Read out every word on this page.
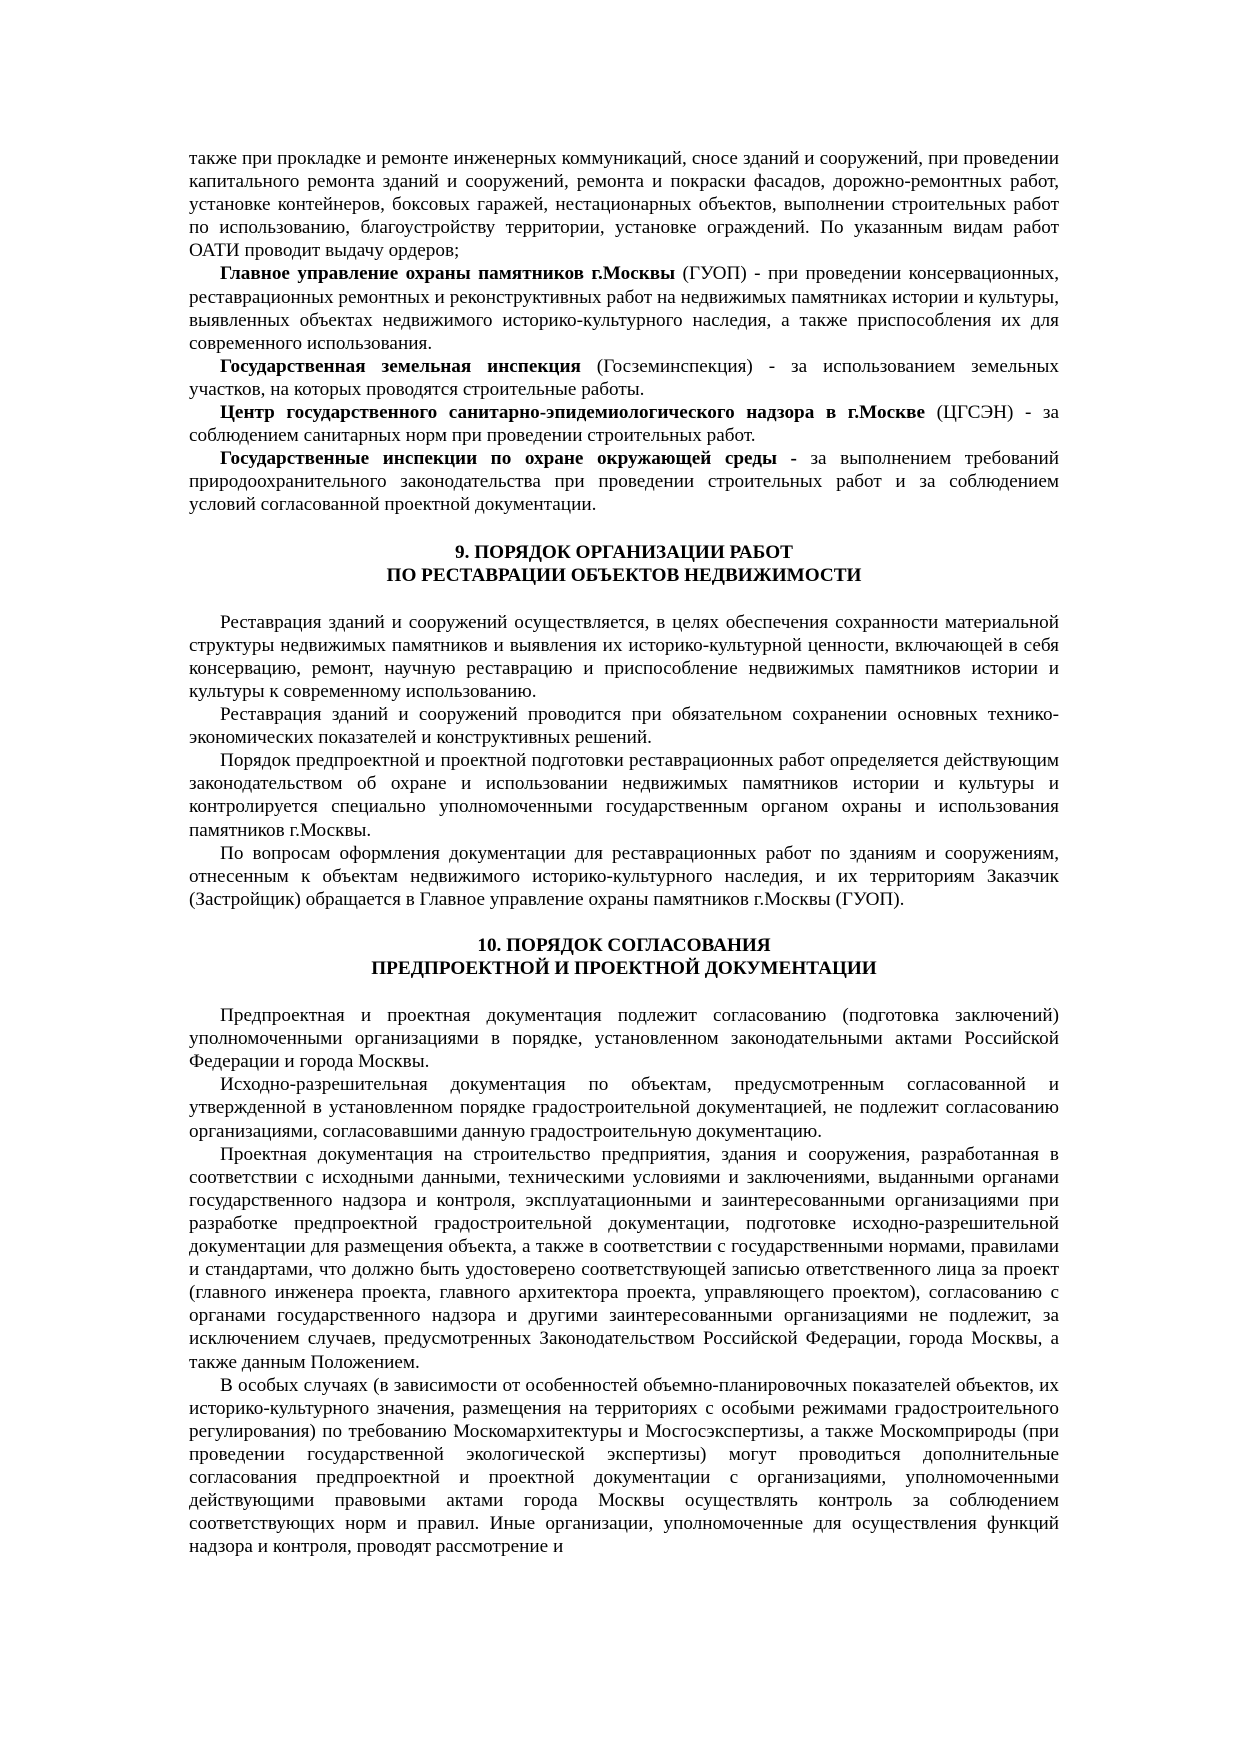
также при прокладке и ремонте инженерных коммуникаций, сносе зданий и сооружений, при проведении капитального ремонта зданий и сооружений, ремонта и покраски фасадов, дорожно-ремонтных работ, установке контейнеров, боксовых гаражей, нестационарных объектов, выполнении строительных работ по использованию, благоустройству территории, установке ограждений. По указанным видам работ ОАТИ проводит выдачу ордеров;

Главное управление охраны памятников г.Москвы (ГУОП) - при проведении консервационных, реставрационных ремонтных и реконструктивных работ на недвижимых памятниках истории и культуры, выявленных объектах недвижимого историко-культурного наследия, а также приспособления их для современного использования.

Государственная земельная инспекция (Госземинспекция) - за использованием земельных участков, на которых проводятся строительные работы.

Центр государственного санитарно-эпидемиологического надзора в г.Москве (ЦГСЭН) - за соблюдением санитарных норм при проведении строительных работ.

Государственные инспекции по охране окружающей среды - за выполнением требований природоохранительного законодательства при проведении строительных работ и за соблюдением условий согласованной проектной документации.

9. ПОРЯДОК ОРГАНИЗАЦИИ РАБОТ
ПО РЕСТАВРАЦИИ ОБЪЕКТОВ НЕДВИЖИМОСТИ

Реставрация зданий и сооружений осуществляется, в целях обеспечения сохранности материальной структуры недвижимых памятников и выявления их историко-культурной ценности, включающей в себя консервацию, ремонт, научную реставрацию и приспособление недвижимых памятников истории и культуры к современному использованию.

Реставрация зданий и сооружений проводится при обязательном сохранении основных технико-экономических показателей и конструктивных решений.

Порядок предпроектной и проектной подготовки реставрационных работ определяется действующим законодательством об охране и использовании недвижимых памятников истории и культуры и контролируется специально уполномоченными государственным органом охраны и использования памятников г.Москвы.

По вопросам оформления документации для реставрационных работ по зданиям и сооружениям, отнесенным к объектам недвижимого историко-культурного наследия, и их территориям Заказчик (Застройщик) обращается в Главное управление охраны памятников г.Москвы (ГУОП).

10. ПОРЯДОК СОГЛАСОВАНИЯ
ПРЕДПРОЕКТНОЙ И ПРОЕКТНОЙ ДОКУМЕНТАЦИИ

Предпроектная и проектная документация подлежит согласованию (подготовка заключений) уполномоченными организациями в порядке, установленном законодательными актами Российской Федерации и города Москвы.

Исходно-разрешительная документация по объектам, предусмотренным согласованной и утвержденной в установленном порядке градостроительной документацией, не подлежит согласованию организациями, согласовавшими данную градостроительную документацию.

Проектная документация на строительство предприятия, здания и сооружения, разработанная в соответствии с исходными данными, техническими условиями и заключениями, выданными органами государственного надзора и контроля, эксплуатационными и заинтересованными организациями при разработке предпроектной градостроительной документации, подготовке исходно-разрешительной документации для размещения объекта, а также в соответствии с государственными нормами, правилами и стандартами, что должно быть удостоверено соответствующей записью ответственного лица за проект (главного инженера проекта, главного архитектора проекта, управляющего проектом), согласованию с органами государственного надзора и другими заинтересованными организациями не подлежит, за исключением случаев, предусмотренных Законодательством Российской Федерации, города Москвы, а также данным Положением.

В особых случаях (в зависимости от особенностей объемно-планировочных показателей объектов, их историко-культурного значения, размещения на территориях с особыми режимами градостроительного регулирования) по требованию Москомархитектуры и Мосгосэкспертизы, а также Москомприроды (при проведении государственной экологической экспертизы) могут проводиться дополнительные согласования предпроектной и проектной документации с организациями, уполномоченными действующими правовыми актами города Москвы осуществлять контроль за соблюдением соответствующих норм и правил. Иные организации, уполномоченные для осуществления функций надзора и контроля, проводят рассмотрение и
